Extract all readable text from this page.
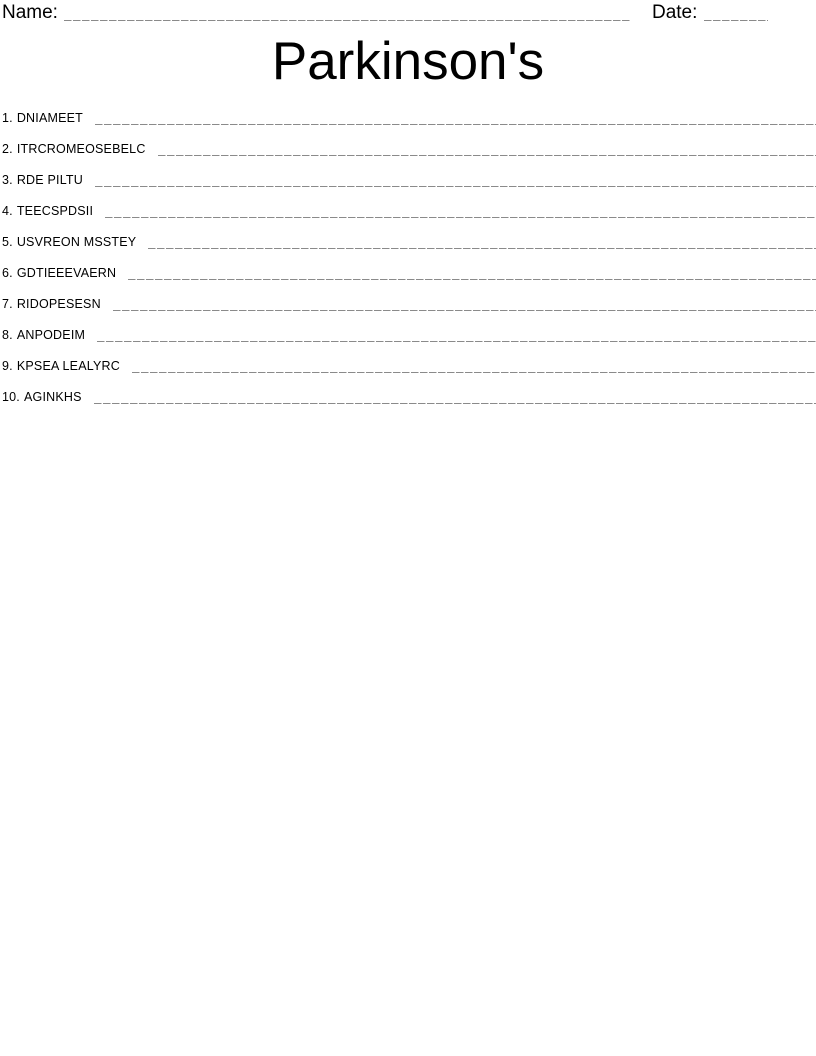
Name:	Date:
Parkinson's
1. DNIAMEET
2. ITRCROMEOSEBELC
3. RDE PILTU
4. TEECSPDSII
5. USVREON MSSTEY
6. GDTIEEEVAERN
7. RIDOPESESN
8. ANPODEIM
9. KPSEA LEALYRC
10. AGINKHS
